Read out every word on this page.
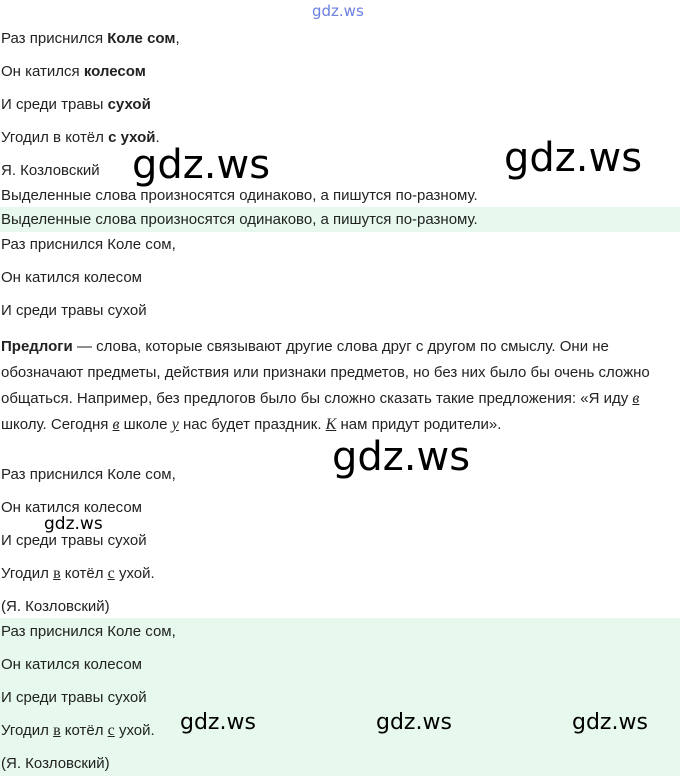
gdz.ws
Раз приснился Коле сом,
Он катился колесом
И среди травы сухой
Угодил в котёл с ухой.
Я. Козловский
Выделенные слова произносятся одинаково, а пишутся по-разному.
Выделенные слова произносятся одинаково, а пишутся по-разному.
Раз приснился Коле сом,
Он катился колесом
И среди травы сухой
Предлоги — слова, которые связывают другие слова друг с другом по смыслу. Они не обозначают предметы, действия или признаки предметов, но без них было бы очень сложно общаться. Например, без предлогов было бы сложно сказать такие предложения: «Я иду в школу. Сегодня в школе у нас будет праздник. К нам придут родители».
Раз приснился Коле сом,
Он катился колесом
И среди травы сухой
Угодил в котёл с ухой.
(Я. Козловский)
Раз приснился Коле сом,
Он катился колесом
И среди травы сухой
Угодил в котёл с ухой.
(Я. Козловский)
gdz.ws	gdz.ws
gdz.ws
gdz.ws
gdz.ws	gdz.ws	gdz.ws
